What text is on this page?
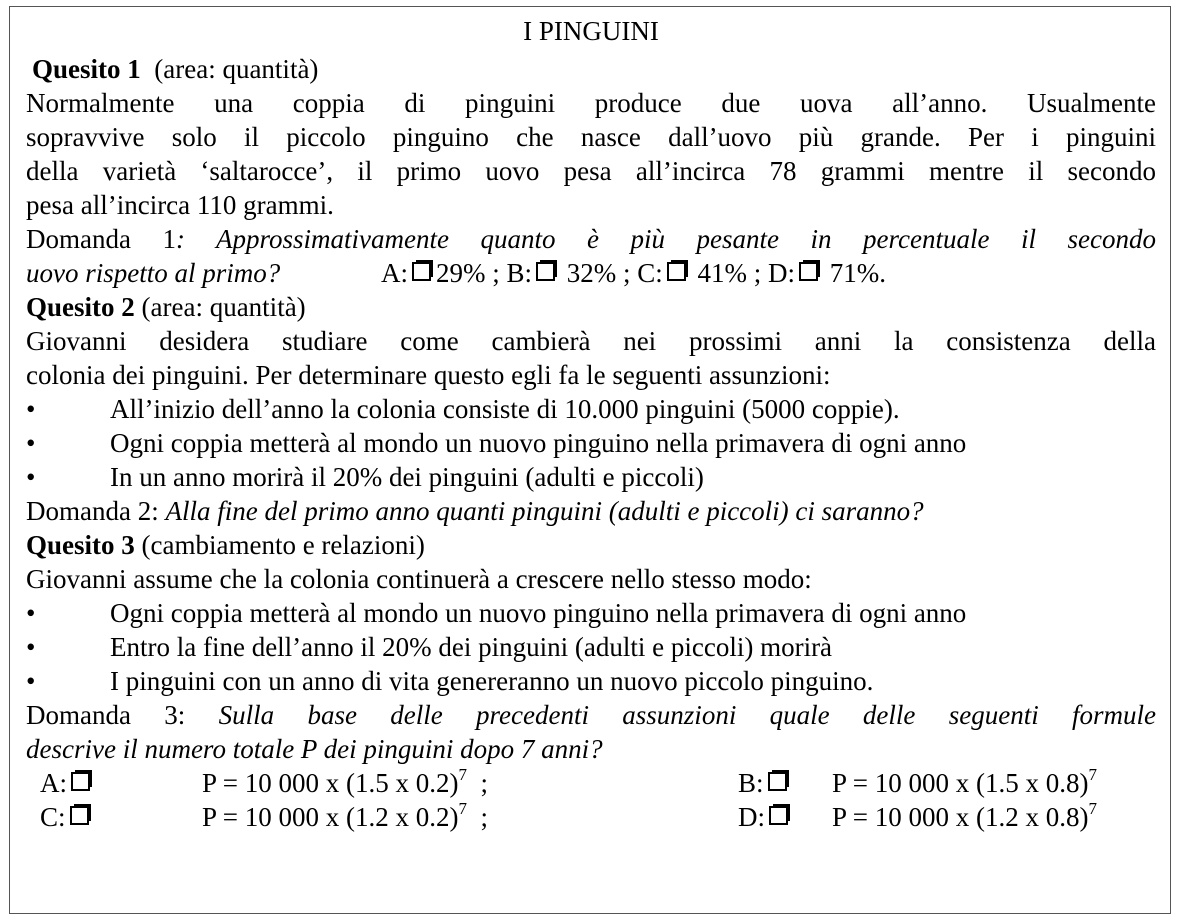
I PINGUINI
Quesito 1 (area: quantità)
Normalmente una coppia di pinguini produce due uova all’anno. Usualmente
sopravvive solo il piccolo pinguino che nasce dall’uovo più grande. Per i pinguini
della varietà ‘saltarocce’, il primo uovo pesa all’incirca 78 grammi mentre il secondo
pesa all’incirca 110 grammi.
Domanda 1: Approssimativamente quanto è più pesante in percentuale il secondo
uovo rispetto al primo?	A: 29% ; B: 32% ; C: 41% ; D: 71%.
Quesito 2 (area: quantità)
Giovanni desidera studiare come cambierà nei prossimi anni la consistenza della
colonia dei pinguini. Per determinare questo egli fa le seguenti assunzioni:
•	All’inizio dell’anno la colonia consiste di 10.000 pinguini (5000 coppie).
•	Ogni coppia metterà al mondo un nuovo pinguino nella primavera di ogni anno
•	In un anno morirà il 20% dei pinguini (adulti e piccoli)
Domanda 2: Alla fine del primo anno quanti pinguini (adulti e piccoli) ci saranno?
Quesito 3 (cambiamento e relazioni)
Giovanni assume che la colonia continuerà a crescere nello stesso modo:
•	Ogni coppia metterà al mondo un nuovo pinguino nella primavera di ogni anno
•	Entro la fine dell’anno il 20% dei pinguini (adulti e piccoli) morirà
•	I pinguini con un anno di vita genereranno un nuovo piccolo pinguino.
Domanda 3: Sulla base delle precedenti assunzioni quale delle seguenti formule
descrive il numero totale P dei pinguini dopo 7 anni?
A:	P = 10 000 x (1.5 x 0.2)$^7$ ;	B:	P = 10 000 x (1.5 x 0.8)$^7$
C:	P = 10 000 x (1.2 x 0.2)$^7$ ;	D:	P = 10 000 x (1.2 x 0.8)$^7$
